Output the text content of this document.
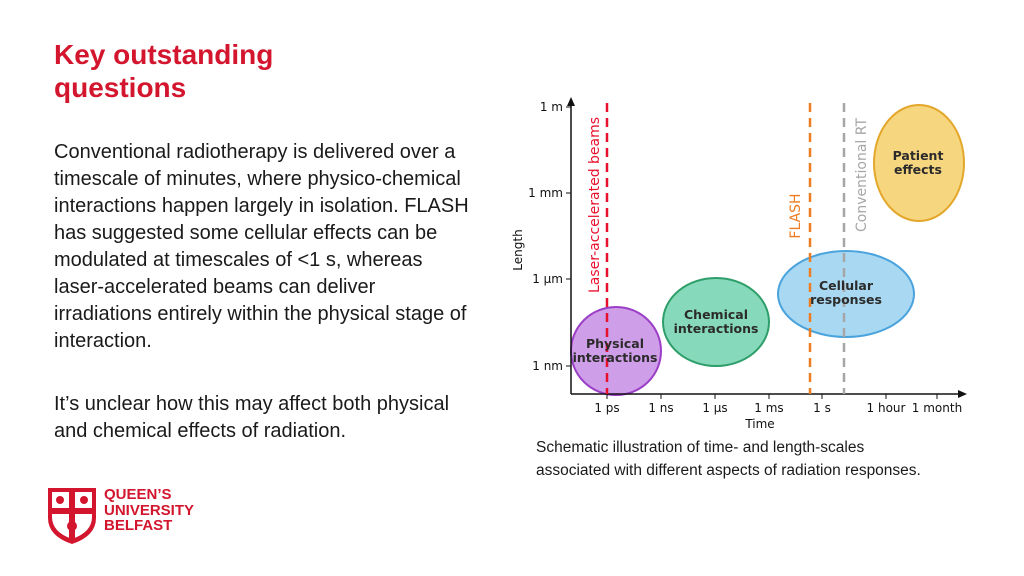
Key outstanding
questions

Conventional radiotherapy is delivered over a timescale of minutes, where physico-chemical interactions happen largely in isolation. FLASH has suggested some cellular effects can be modulated at timescales of <1 s, whereas laser-accelerated beams can deliver irradiations entirely within the physical stage of interaction.

It’s unclear how this may affect both physical and chemical effects of radiation.

QUEEN’S
UNIVERSITY
BELFAST
Laser-accelerated beams	FLASH	Conventional RT
Physical
interactions
Chemical
interactions
Cellular
responses
Patient
effects
1 m
1 mm
1 μm
1 nm
1 ps 1 ns 1 μs 1 ms 1 s	1 hour 1 month
Length
Time

Schematic illustration of time- and length-scales associated with different aspects of radiation responses.
